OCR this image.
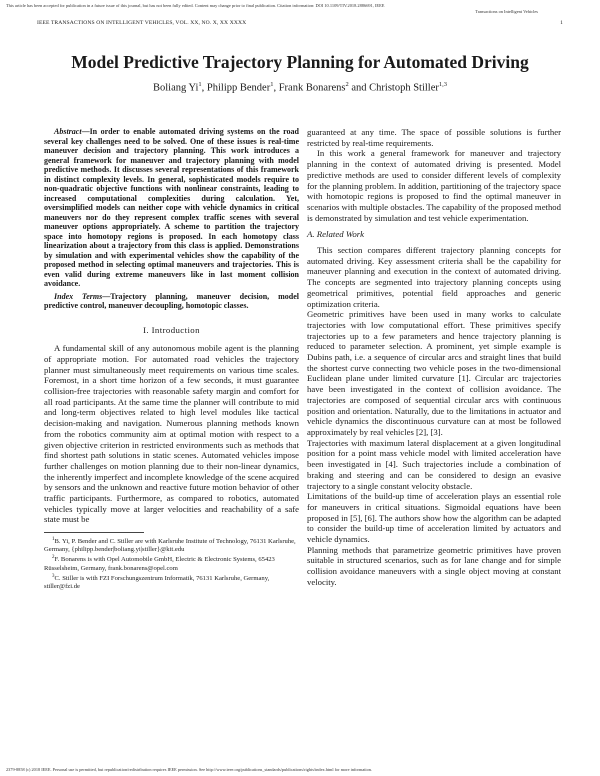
This article has been accepted for publication in a future issue of this journal, but has not been fully edited. Content may change prior to final publication. Citation information: DOI 10.1109/TIV.2018.2886691, IEEE
Transactions on Intelligent Vehicles
IEEE TRANSACTIONS ON INTELLIGENT VEHICLES, VOL. XX, NO. X, XX XXXX	1
Model Predictive Trajectory Planning for Automated Driving
Boliang Yi$^1$, Philipp Bender$^1$, Frank Bonarens$^2$ and Christoph Stiller$^{1,3}$

Abstract—In order to enable automated driving systems on the road several key challenges need to be solved. One of these issues is real-time maneuver decision and trajectory planning. This work introduces a general framework for maneuver and trajectory planning with model predictive methods. It discusses several representations of this framework in distinct complexity levels. In general, sophisticated models require to non-quadratic objective functions with nonlinear constraints, leading to increased computational complexities during calculation. Yet, oversimplified models can neither cope with vehicle dynamics in critical maneuvers nor do they represent complex traffic scenes with several maneuver options appropriately. A scheme to partition the trajectory space into homotopy regions is proposed. In each homotopy class linearization about a trajectory from this class is applied. Demonstrations by simulation and with experimental vehicles show the capability of the proposed method in selecting optimal maneuvers and trajectories. This is even valid during extreme maneuvers like in last moment collision avoidance.

Index Terms—Trajectory planning, maneuver decision, model predictive control, maneuver decoupling, homotopic classes.

I. Introduction

A fundamental skill of any autonomous mobile agent is the planning of appropriate motion. For automated road vehicles the trajectory planner must simultaneously meet requirements on various time scales. Foremost, in a short time horizon of a few seconds, it must guarantee collision-free trajectories with reasonable safety margin and comfort for all road participants. At the same time the planner will contribute to mid and long-term objectives related to high level modules like tactical decision-making and navigation. Numerous planning methods known from the robotics community aim at optimal motion with respect to a given objective criterion in restricted environments such as methods that find shortest path solutions in static scenes. Automated vehicles impose further challenges on motion planning due to their non-linear dynamics, the inherently imperfect and incomplete knowledge of the scene acquired by sensors and the unknown and reactive future motion behavior of other traffic participants. Furthermore, as compared to robotics, automated vehicles typically move at larger velocities and reachability of a safe state must be

$^1$B. Yi, P. Bender and C. Stiller are with Karlsruhe Institute of Technology, 76131 Karlsruhe, Germany, {philipp.bender|boliang.yi|stiller}@kit.edu

$^2$F. Bonarens is with Opel Automobile GmbH, Electric & Electronic Systems, 65423 Rüsselsheim, Germany, frank.bonarens@opel.com

$^3$C. Stiller is with FZI Forschungszentrum Informatik, 76131 Karlsruhe, Germany, stiller@fzi.de

guaranteed at any time. The space of possible solutions is further restricted by real-time requirements.

In this work a general framework for maneuver and trajectory planning in the context of automated driving is presented. Model predictive methods are used to consider different levels of complexity for the planning problem. In addition, partitioning of the trajectory space with homotopic regions is proposed to find the optimal maneuver in scenarios with multiple obstacles. The capability of the proposed method is demonstrated by simulation and test vehicle experimentation.

A. Related Work

This section compares different trajectory planning concepts for automated driving. Key assessment criteria shall be the capability for maneuver planning and execution in the context of automated driving. The concepts are segmented into trajectory planning concepts using geometrical primitives, potential field approaches and generic optimization criteria.

Geometric primitives have been used in many works to calculate trajectories with low computational effort. These primitives specify trajectories up to a few parameters and hence trajectory planning is reduced to parameter selection. A prominent, yet simple example is Dubins path, i.e. a sequence of circular arcs and straight lines that build the shortest curve connecting two vehicle poses in the two-dimensional Euclidean plane under limited curvature [1]. Circular arc trajectories have been investigated in the context of collision avoidance. The trajectories are composed of sequential circular arcs with continuous position and orientation. Naturally, due to the limitations in actuator and vehicle dynamics the discontinuous curvature can at most be followed approximately by real vehicles [2], [3].

Trajectories with maximum lateral displacement at a given longitudinal position for a point mass vehicle model with limited acceleration have been investigated in [4]. Such trajectories include a combination of braking and steering and can be considered to design an evasive trajectory to a single constant velocity obstacle.

Limitations of the build-up time of acceleration plays an essential role for maneuvers in critical situations. Sigmoidal equations have been proposed in [5], [6]. The authors show how the algorithm can be adapted to consider the build-up time of acceleration limited by actuators and vehicle dynamics.

Planning methods that parametrize geometric primitives have proven suitable in structured scenarios, such as for lane change and for simple collision avoidance maneuvers with a single object moving at constant velocity.

2379-8858 (c) 2018 IEEE. Personal use is permitted, but republication/redistribution requires IEEE permission. See http://www.ieee.org/publications_standards/publications/rights/index.html for more information.
